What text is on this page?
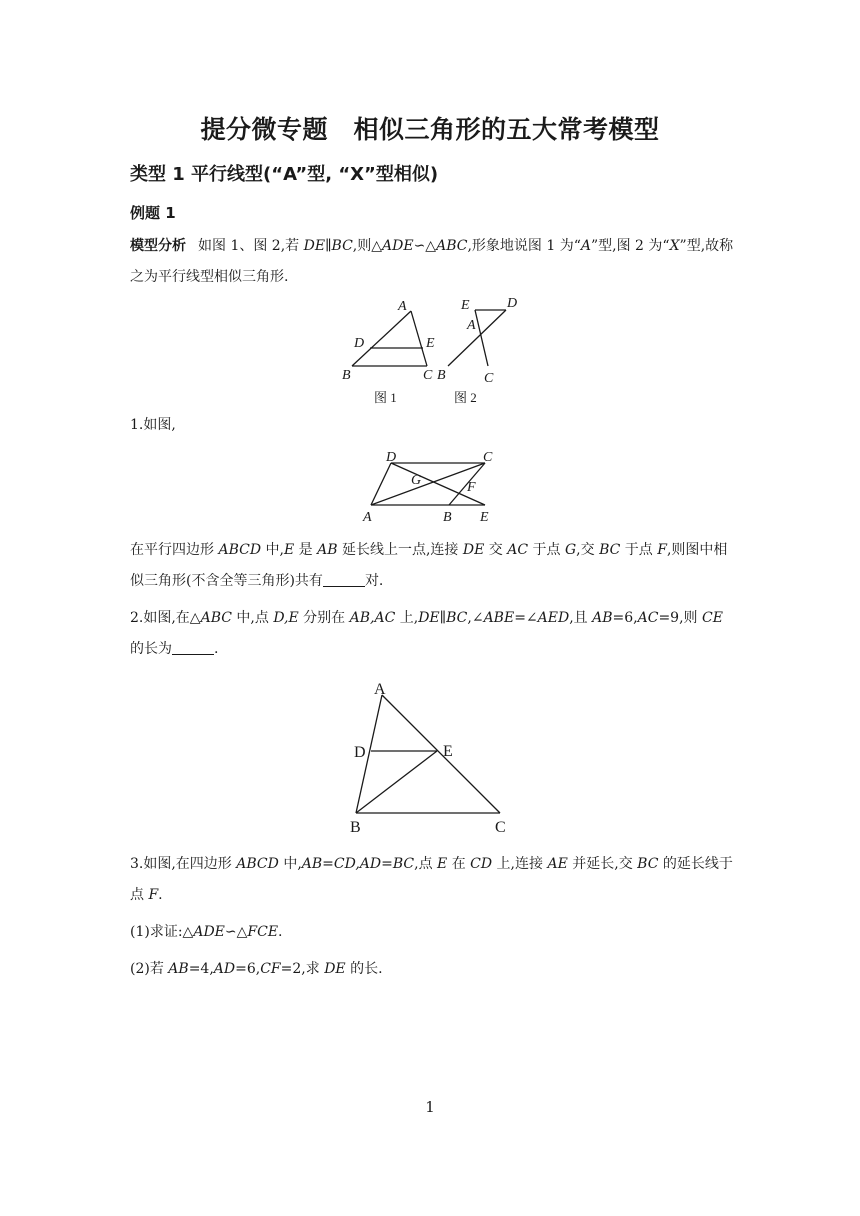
提分微专题　相似三角形的五大常考模型
类型 1 平行线型(“A”型, “X”型相似)
例题 1
模型分析 如图 1、图 2,若 DE∥BC,则△ADE∽△ABC,形象地说图 1 为“A”型,图 2 为“X”型,故称之为平行线型相似三角形.
A
D	E
B	C
E	D
A
B	C
图 1	图 2
1.如图,
D	C
G	F
A	B E
在平行四边形 ABCD 中,E 是 AB 延长线上一点,连接 DE 交 AC 于点 G,交 BC 于点 F,则图中相似三角形(不含全等三角形)共有	对.
2.如图,在△ABC 中,点 D,E 分别在 AB,AC 上,DE∥BC,∠ABE=∠AED,且 AB=6,AC=9,则 CE 的长为	.
A
D	E
B	C
3.如图,在四边形 ABCD 中,AB=CD,AD=BC,点 E 在 CD 上,连接 AE 并延长,交 BC 的延长线于点 F.
(1)求证:△ADE∽△FCE.
(2)若 AB=4,AD=6,CF=2,求 DE 的长.
1
